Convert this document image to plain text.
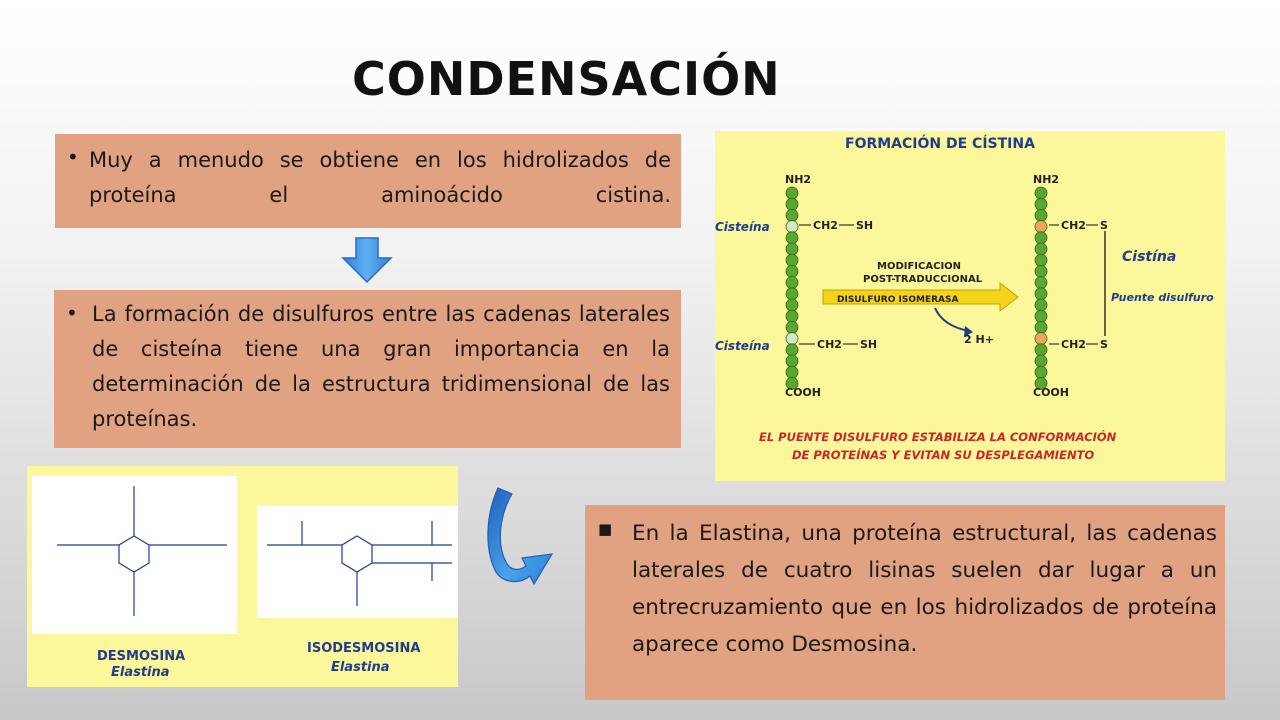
CONDENSACIÓN
• Muy a menudo se obtiene en los hidrolizados de proteína el aminoácido cistina.
• La formación de disulfuros entre las cadenas laterales de cisteína tiene una gran importancia en la determinación de la estructura tridimensional de las proteínas.
FORMACIÓN DE CÍSTINA
NH2
COOH
Cisteína
Cisteína
CH2 SH
CH2 SH
MODIFICACION
POST-TRADUCCIONAL
DISULFURO ISOMERASA
2 H+
NH2
COOH
CH2 S
CH2 S
Cistína
Puente disulfuro
EL PUENTE DISULFURO ESTABILIZA LA CONFORMACIÓN
DE PROTEÍNAS Y EVITAN SU DESPLEGAMIENTO
DESMOSINA
Elastina
ISODESMOSINA
Elastina
■ En la Elastina, una proteína estructural, las cadenas laterales de cuatro lisinas suelen dar lugar a un entrecruzamiento que en los hidrolizados de proteína aparece como Desmosina.
